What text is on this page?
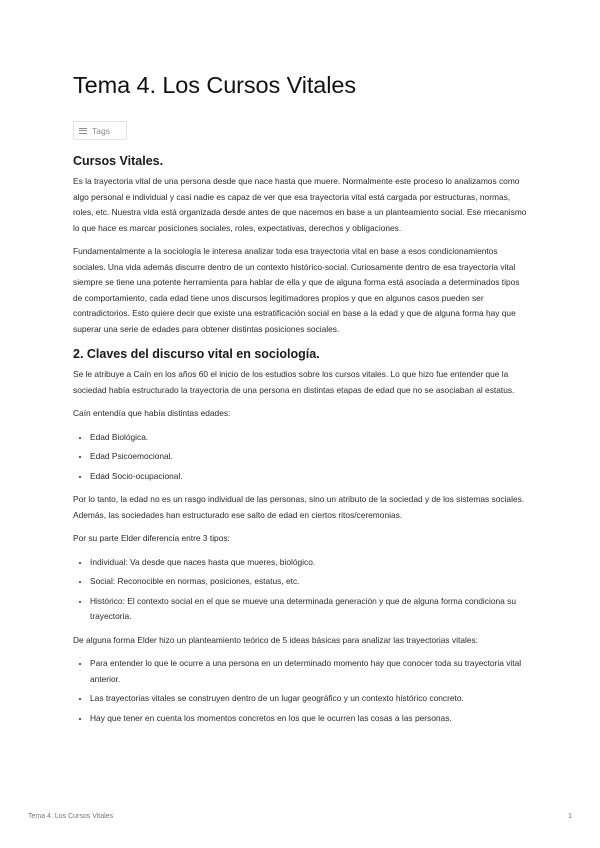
Tema 4. Los Cursos Vitales
Tags
Cursos Vitales.

Es la trayectoria vital de una persona desde que nace hasta que muere. Normalmente este proceso lo analizamos como algo personal e individual y casi nadie es capaz de ver que esa trayectoria vital está cargada por estructuras, normas, roles, etc. Nuestra vida está organizada desde antes de que nacemos en base a un planteamiento social. Ese mecanismo lo que hace es marcar posiciones sociales, roles, expectativas, derechos y obligaciones.

Fundamentalmente a la sociología le interesa analizar toda esa trayectoria vital en base a esos condicionamientos sociales. Una vida además discurre dentro de un contexto histórico-social. Curiosamente dentro de esa trayectoria vital siempre se tiene una potente herramienta para hablar de ella y que de alguna forma está asociada a determinados tipos de comportamiento, cada edad tiene unos discursos legitimadores propios y que en algunos casos pueden ser contradictorios. Esto quiere decir que existe una estratificación social en base a la edad y que de alguna forma hay que superar una serie de edades para obtener distintas posiciones sociales.

2. Claves del discurso vital en sociología.

Se le atribuye a Caín en los años 60 el inicio de los estudios sobre los cursos vitales. Lo que hizo fue entender que la sociedad había estructurado la trayectoria de una persona en distintas etapas de edad que no se asociaban al estatus.

Caín entendía que había distintas edades:

• Edad Biológica.
• Edad Psicoemocional.
• Edad Socio-ocupacional.

Por lo tanto, la edad no es un rasgo individual de las personas, sino un atributo de la sociedad y de los sistemas sociales. Además, las sociedades han estructurado ese salto de edad en ciertos ritos/ceremonias.

Por su parte Elder diferencia entre 3 tipos:

• Individual: Va desde que naces hasta que mueres, biológico.
• Social: Reconocible en normas, posiciones, estatus, etc.
• Histórico: El contexto social en el que se mueve una determinada generación y que de alguna forma condiciona su trayectoria.

De alguna forma Elder hizo un planteamiento teórico de 5 ideas básicas para analizar las trayectorias vitales:

• Para entender lo que le ocurre a una persona en un determinado momento hay que conocer toda su trayectoria vital anterior.
• Las trayectorias vitales se construyen dentro de un lugar geográfico y un contexto histórico concreto.
• Hay que tener en cuenta los momentos concretos en los que le ocurren las cosas a las personas.
Tema 4. Los Cursos Vitales	1
